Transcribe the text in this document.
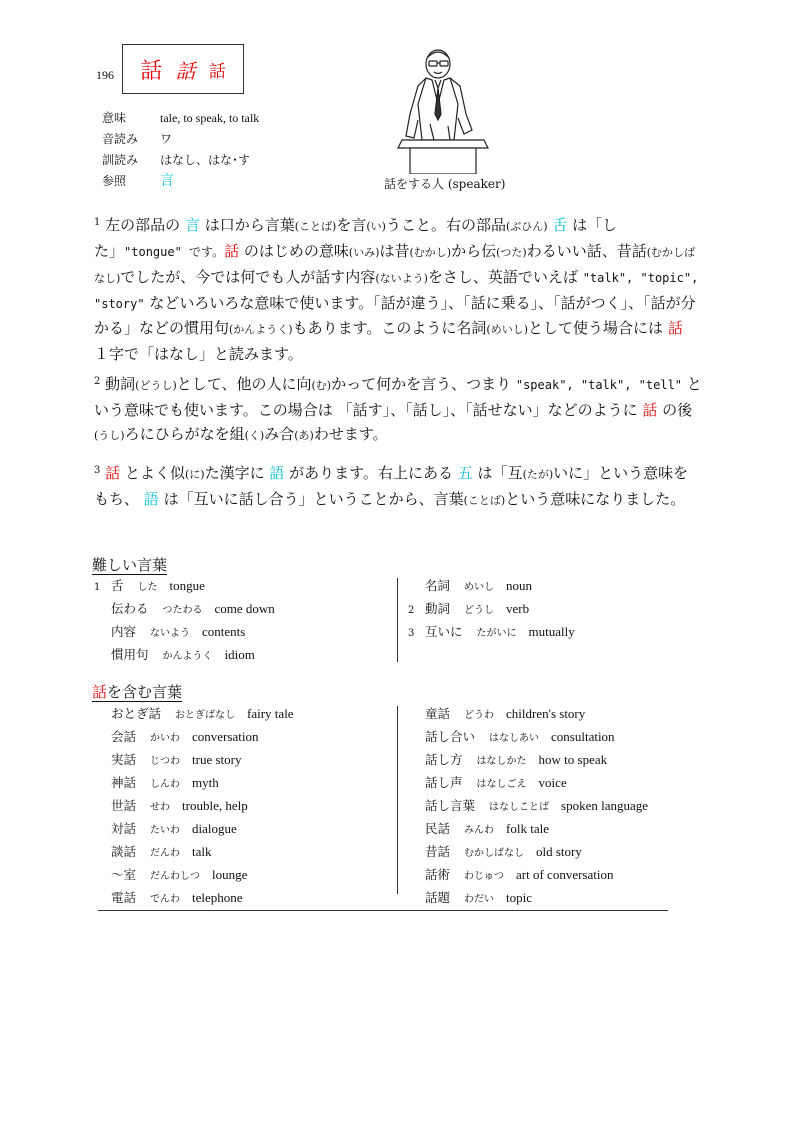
196 話 話 話
意味	tale, to speak, to talk
音読み	ワ
訓読み	はなし、はな･す
参照	言	話をする人 (speaker)
$^1$ 左の部品の 言 は口から言葉(ことば)を言(い)うこと。右の部品(ぶひん) 舌 は「した」"tongue" です。話 のはじめの意味(いみ)は昔(むかし)から伝(つた)わるいい話、昔話(むかしばなし)でしたが、今では何でも人が話す内容(ないよう)をさし、英語でいえば "talk", "topic", "story" などいろいろな意味で使います。「話が違う」、「話に乗る」、「話がつく」、「話が分かる」などの慣用句(かんようく)もあります。このように名詞(めいし)として使う場合には 話 １字で「はなし」と読みます。
$^2$ 動詞(どうし)として、他の人に向(む)かって何かを言う、つまり "speak", "talk", "tell" という意味でも使います。この場合は 「話す」、「話し」、「話せない」などのように 話 の後(うし)ろにひらがなを組(く)み合(あ)わせます。
$^3$ 話 とよく似(に)た漢字に 語 があります。右上にある 五 は「互(たが)いに」という意味をもち、 語 は「互いに話し合う」ということから、言葉(ことば)という意味になりました。
難しい言葉
1 舌 した tongue
伝わる つたわる come down
内容 ないよう contents
慣用句 かんようく idiom
名詞 めいし noun
2 動詞 どうし verb
3 互いに たがいに mutually
話を含む言葉
おとぎ話 おとぎばなし fairy tale
会話 かいわ conversation
実話 じつわ true story
神話 しんわ myth
世話 せわ trouble, help
対話 たいわ dialogue
談話 だんわ talk
〜室 だんわしつ lounge
電話 でんわ telephone
童話 どうわ children's story
話し合い はなしあい consultation
話し方 はなしかた how to speak
話し声 はなしごえ voice
話し言葉 はなしことば spoken language
民話 みんわ folk tale
昔話 むかしばなし old story
話術 わじゅつ art of conversation
話題 わだい topic
